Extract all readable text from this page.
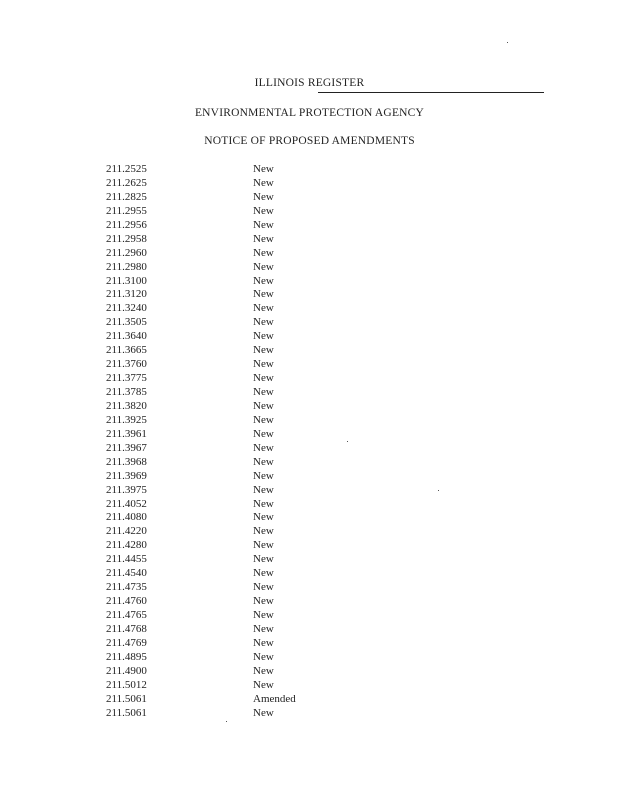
ILLINOIS REGISTER
ENVIRONMENTAL PROTECTION AGENCY
NOTICE OF PROPOSED AMENDMENTS
211.2525	New
211.2625	New
211.2825	New
211.2955	New
211.2956	New
211.2958	New
211.2960	New
211.2980	New
211.3100	New
211.3120	New
211.3240	New
211.3505	New
211.3640	New
211.3665	New
211.3760	New
211.3775	New
211.3785	New
211.3820	New
211.3925	New
211.3961	New
211.3967	New
211.3968	New
211.3969	New
211.3975	New
211.4052	New
211.4080	New
211.4220	New
211.4280	New
211.4455	New
211.4540	New
211.4735	New
211.4760	New
211.4765	New
211.4768	New
211.4769	New
211.4895	New
211.4900	New
211.5012	New
211.5061	Amended
211.5061	New
